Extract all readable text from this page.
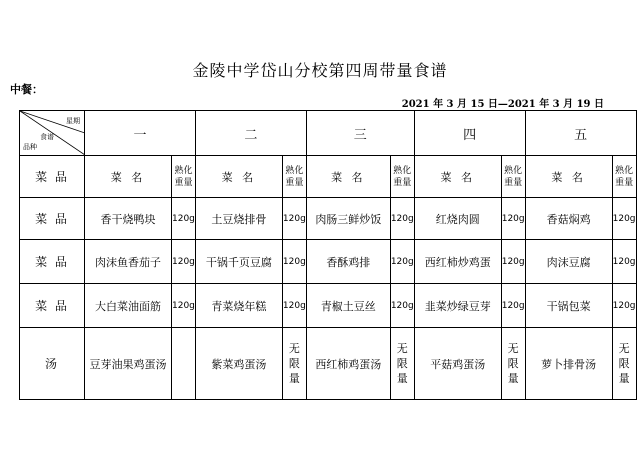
金陵中学岱山分校第四周带量食谱
中餐：
2021 年 3 月 15 日—2021 年 3 月 19 日
星期
食谱
品种	一		二		三		四		五	
菜 品	菜 名	熟化重量	菜 名	熟化重量	菜 名	熟化重量	菜 名	熟化重量	菜 名	熟化重量
菜 品	香干烧鸭块	120g	土豆烧排骨	120g	肉肠三鲜炒饭	120g	红烧肉圆	120g	香菇焖鸡	120g
菜 品	肉沫鱼香茄子	120g	干锅千页豆腐	120g	香酥鸡排	120g	西红柿炒鸡蛋	120g	肉沫豆腐	120g
菜 品	大白菜油面筋	120g	青菜烧年糕	120g	青椒土豆丝	120g	韭菜炒绿豆芽	120g	干锅包菜	120g
汤	豆芽油果鸡蛋汤		紫菜鸡蛋汤	无限量	西红柿鸡蛋汤	无限量	平菇鸡蛋汤	无限量	萝卜排骨汤	无限量
